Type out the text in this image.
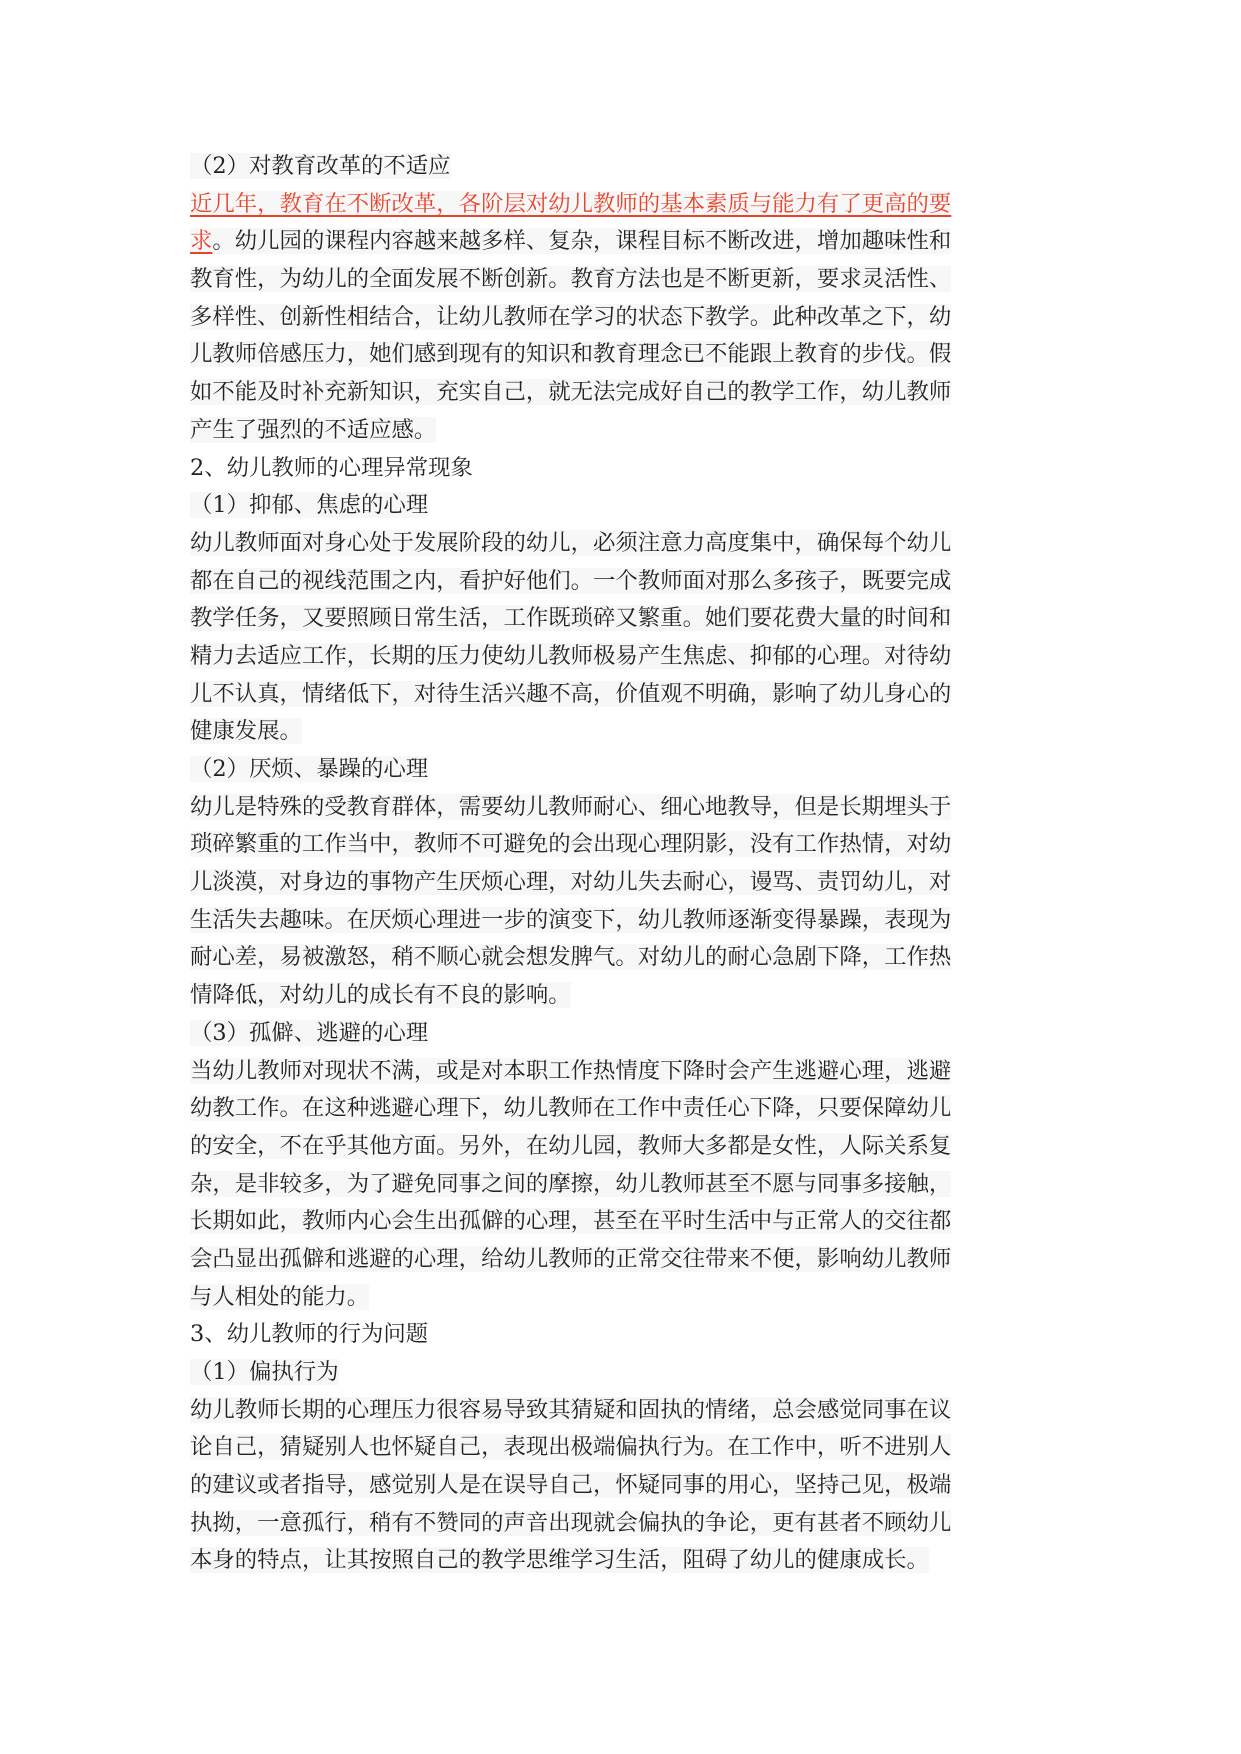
（2）对教育改革的不适应
近几年，教育在不断改革，各阶层对幼儿教师的基本素质与能力有了更高的要
求。幼儿园的课程内容越来越多样、复杂，课程目标不断改进，增加趣味性和
教育性，为幼儿的全面发展不断创新。教育方法也是不断更新，要求灵活性、
多样性、创新性相结合，让幼儿教师在学习的状态下教学。此种改革之下，幼
儿教师倍感压力，她们感到现有的知识和教育理念已不能跟上教育的步伐。假
如不能及时补充新知识，充实自己，就无法完成好自己的教学工作，幼儿教师
产生了强烈的不适应感。
2、幼儿教师的心理异常现象
（1）抑郁、焦虑的心理
幼儿教师面对身心处于发展阶段的幼儿，必须注意力高度集中，确保每个幼儿
都在自己的视线范围之内，看护好他们。一个教师面对那么多孩子，既要完成
教学任务，又要照顾日常生活，工作既琐碎又繁重。她们要花费大量的时间和
精力去适应工作，长期的压力使幼儿教师极易产生焦虑、抑郁的心理。对待幼
儿不认真，情绪低下，对待生活兴趣不高，价值观不明确，影响了幼儿身心的
健康发展。
（2）厌烦、暴躁的心理
幼儿是特殊的受教育群体，需要幼儿教师耐心、细心地教导，但是长期埋头于
琐碎繁重的工作当中，教师不可避免的会出现心理阴影，没有工作热情，对幼
儿淡漠，对身边的事物产生厌烦心理，对幼儿失去耐心，谩骂、责罚幼儿，对
生活失去趣味。在厌烦心理进一步的演变下，幼儿教师逐渐变得暴躁，表现为
耐心差，易被激怒，稍不顺心就会想发脾气。对幼儿的耐心急剧下降，工作热
情降低，对幼儿的成长有不良的影响。
（3）孤僻、逃避的心理
当幼儿教师对现状不满，或是对本职工作热情度下降时会产生逃避心理，逃避
幼教工作。在这种逃避心理下，幼儿教师在工作中责任心下降，只要保障幼儿
的安全，不在乎其他方面。另外，在幼儿园，教师大多都是女性，人际关系复
杂，是非较多，为了避免同事之间的摩擦，幼儿教师甚至不愿与同事多接触，
长期如此，教师内心会生出孤僻的心理，甚至在平时生活中与正常人的交往都
会凸显出孤僻和逃避的心理，给幼儿教师的正常交往带来不便，影响幼儿教师
与人相处的能力。
3、幼儿教师的行为问题
（1）偏执行为
幼儿教师长期的心理压力很容易导致其猜疑和固执的情绪，总会感觉同事在议
论自己，猜疑别人也怀疑自己，表现出极端偏执行为。在工作中，听不进别人
的建议或者指导，感觉别人是在误导自己，怀疑同事的用心，坚持己见，极端
执拗，一意孤行，稍有不赞同的声音出现就会偏执的争论，更有甚者不顾幼儿
本身的特点，让其按照自己的教学思维学习生活，阻碍了幼儿的健康成长。
